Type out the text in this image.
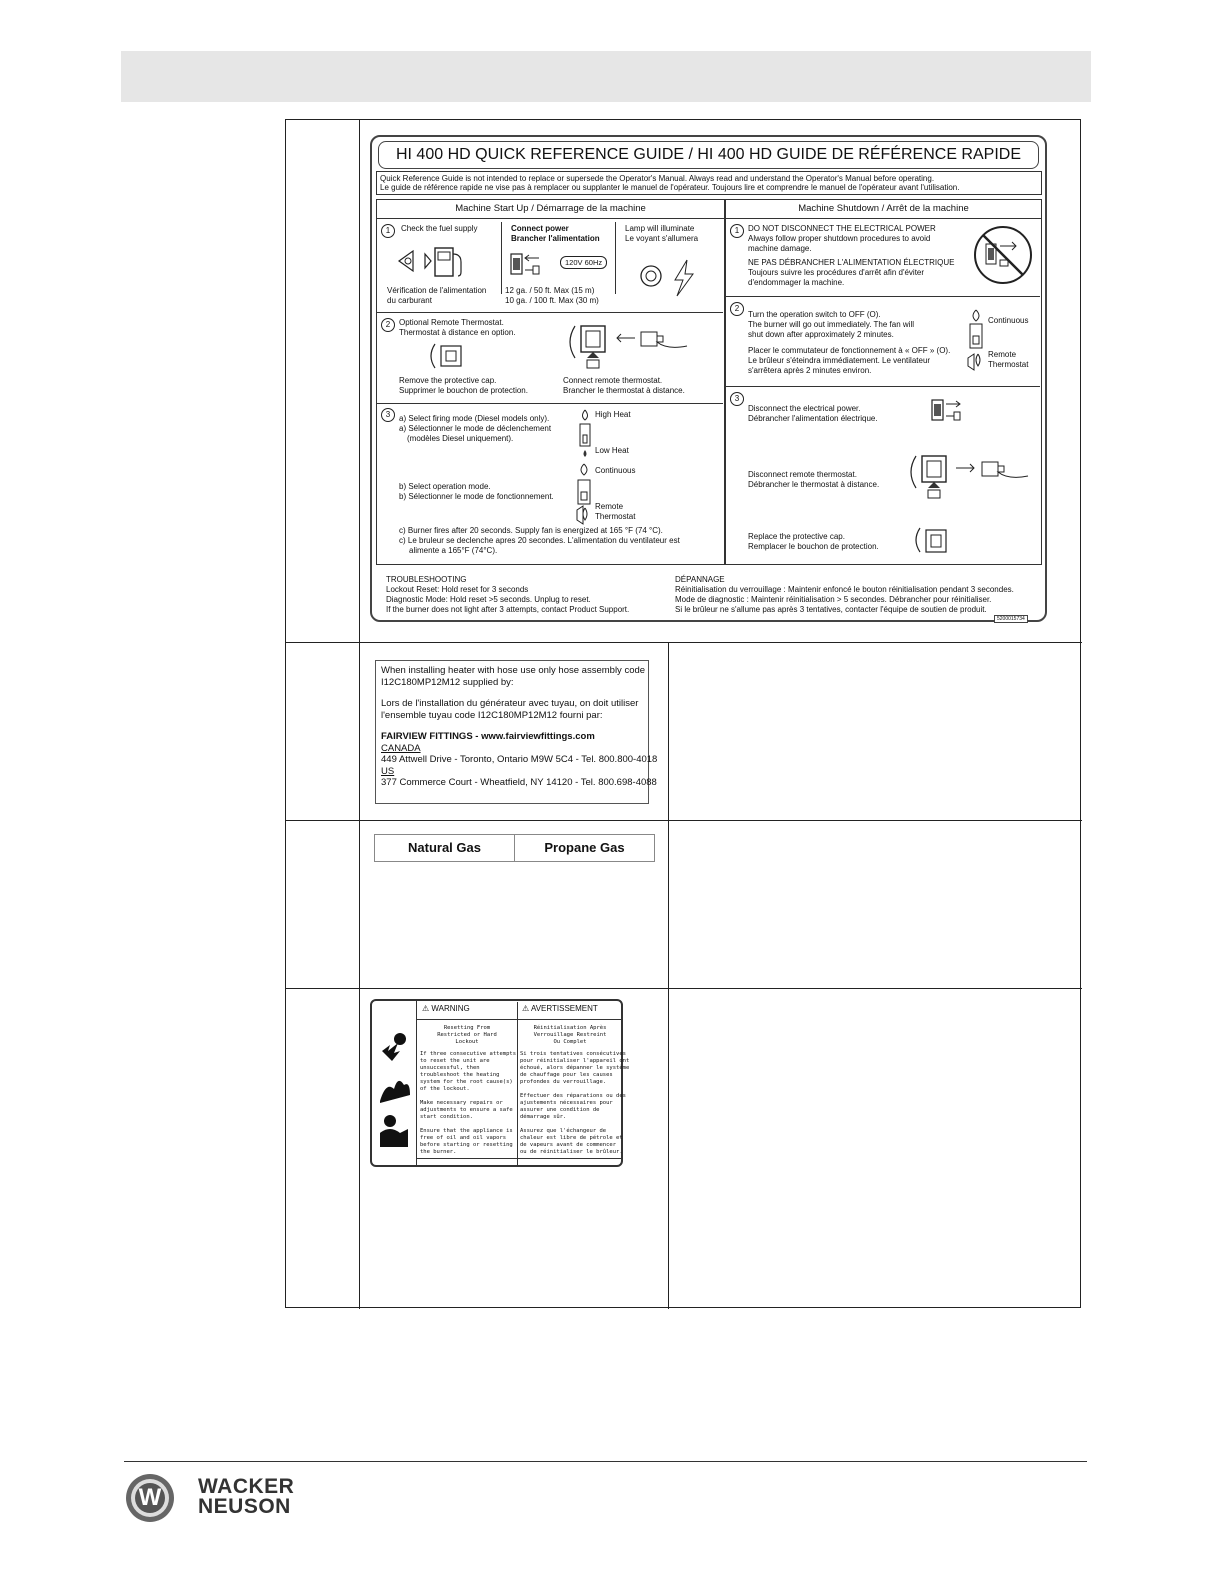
HI 400 HD QUICK REFERENCE GUIDE / HI 400 HD GUIDE DE RÉFÉRENCE RAPIDE
Quick Reference Guide is not intended to replace or supersede the Operator's Manual. Always read and understand the Operator's Manual before operating.
Le guide de référence rapide ne vise pas à remplacer ou supplanter le manuel de l'opérateur. Toujours lire et comprendre le manuel de l'opérateur avant l'utilisation.
Machine Start Up / Démarrage de la machine
1	Check the fuel supply
Vérification de l'alimentation
du carburant
Connect power
Brancher l'alimentation
120V 60Hz
12 ga. / 50 ft. Max (15 m)
10 ga. / 100 ft. Max (30 m)
Lamp will illuminate
Le voyant s'allumera
2	Optional Remote Thermostat.
Thermostat à distance en option.
Remove the protective cap.
Supprimer le bouchon de protection.
Connect remote thermostat.
Brancher le thermostat à distance.
3	a) Select firing mode (Diesel models only).
a) Sélectionner le mode de déclenchement
(modèles Diesel uniquement).
High Heat
Low Heat
Continuous
b) Select operation mode.
b) Sélectionner le mode de fonctionnement.
Remote
Thermostat
c) Burner fires after 20 seconds. Supply fan is energized at 165 °F (74 °C).
c) Le bruleur se declenche apres 20 secondes. L'alimentation du ventilateur est
alimente a 165°F (74°C).
Machine Shutdown / Arrêt de la machine
1	DO NOT DISCONNECT THE ELECTRICAL POWER
Always follow proper shutdown procedures to avoid
machine damage.
NE PAS DÉBRANCHER L'ALIMENTATION ÉLECTRIQUE
Toujours suivre les procédures d'arrêt afin d'éviter
d'endommager la machine.
2
Turn the operation switch to OFF (O).
The burner will go out immediately. The fan will
shut down after approximately 2 minutes.
Placer le commutateur de fonctionnement à « OFF » (O).
Le brûleur s'éteindra immédiatement. Le ventilateur
s'arrêtera après 2 minutes environ.
Continuous
Remote
Thermostat
3
Disconnect the electrical power.
Débrancher l'alimentation électrique.
Disconnect remote thermostat.
Débrancher le thermostat à distance.
Replace the protective cap.
Remplacer le bouchon de protection.
TROUBLESHOOTING
Lockout Reset: Hold reset for 3 seconds
Diagnostic Mode: Hold reset >5 seconds. Unplug to reset.
If the burner does not light after 3 attempts, contact Product Support.
DÉPANNAGE
Réinitialisation du verrouillage : Maintenir enfoncé le bouton réinitialisation pendant 3 secondes.
Mode de diagnostic : Maintenir réinitialisation > 5 secondes. Débrancher pour réinitialiser.
Si le brûleur ne s'allume pas après 3 tentatives, contacter l'équipe de soutien de produit.
5200015734
When installing heater with hose use only hose assembly code
I12C180MP12M12 supplied by:
Lors de l'installation du générateur avec tuyau, on doit utiliser
l'ensemble tuyau code I12C180MP12M12 fourni par:
FAIRVIEW FITTINGS - www.fairviewfittings.com
CANADA
449 Attwell Drive - Toronto, Ontario M9W 5C4 - Tel. 800.800-4018
US
377 Commerce Court - Wheatfield, NY 14120 - Tel. 800.698-4088
Natural Gas	Propane Gas
⚠ WARNING	⚠ AVERTISSEMENT
Resetting From
Restricted or Hard
Lockout
Réinitialisation Après
Verrouillage Restreint
Ou Complet
If three consecutive attempts
to reset the unit are
unsuccessful, then
troubleshoot the heating
system for the root cause(s)
of the lockout.

Make necessary repairs or
adjustments to ensure a safe
start condition.

Ensure that the appliance is
free of oil and oil vapors
before starting or resetting
the burner.
Si trois tentatives consécutives
pour réinitialiser l'appareil ont
échoué, alors dépanner le système
de chauffage pour les causes
profondes du verrouillage.

Effectuer des réparations ou des
ajustements nécessaires pour
assurer une condition de
démarrage sûr.

Assurez que l'échangeur de
chaleur est libre de pétrole et
de vapeurs avant de commencer
ou de réinitialiser le brûleur.
W	WACKER
NEUSON
